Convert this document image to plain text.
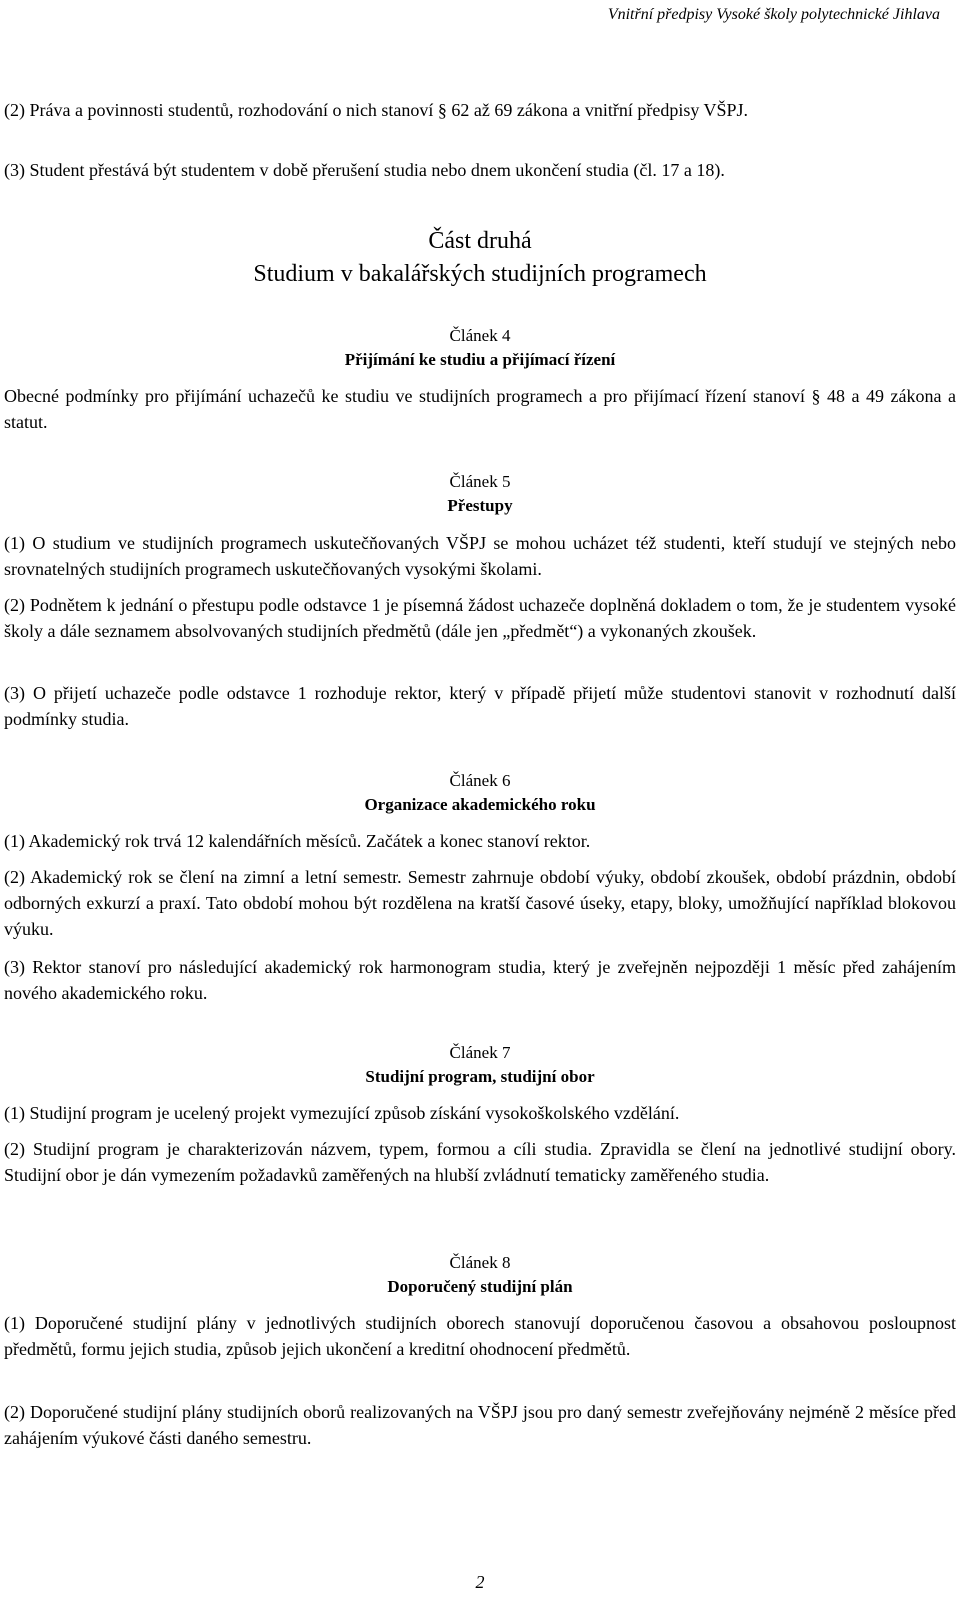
Vnitřní předpisy Vysoké školy polytechnické Jihlava

(2) Práva a povinnosti studentů, rozhodování o nich stanoví § 62 až 69 zákona a vnitřní předpisy VŠPJ.

(3) Student přestává být studentem v době přerušení studia nebo dnem ukončení studia (čl. 17 a 18).

Část druhá
Studium v bakalářských studijních programech
Článek 4
Přijímání ke studiu a přijímací řízení

Obecné podmínky pro přijímání uchazečů ke studiu ve studijních programech a pro přijímací řízení stanoví § 48 a 49 zákona a statut.

Článek 5
Přestupy

(1) O studium ve studijních programech uskutečňovaných VŠPJ se mohou ucházet též studenti, kteří studují ve stejných nebo srovnatelných studijních programech uskutečňovaných vysokými školami.

(2) Podnětem k jednání o přestupu podle odstavce 1 je písemná žádost uchazeče doplněná dokladem o tom, že je studentem vysoké školy a dále seznamem absolvovaných studijních předmětů (dále jen „předmět“) a vykonaných zkoušek.

(3) O přijetí uchazeče podle odstavce 1 rozhoduje rektor, který v případě přijetí může studentovi stanovit v rozhodnutí další podmínky studia.

Článek 6
Organizace akademického roku

(1) Akademický rok trvá 12 kalendářních měsíců. Začátek a konec stanoví rektor.

(2) Akademický rok se člení na zimní a letní semestr. Semestr zahrnuje období výuky, období zkoušek, období prázdnin, období odborných exkurzí a praxí. Tato období mohou být rozdělena na kratší časové úseky, etapy, bloky, umožňující například blokovou výuku.

(3) Rektor stanoví pro následující akademický rok harmonogram studia, který je zveřejněn nejpozději 1 měsíc před zahájením nového akademického roku.

Článek 7
Studijní program, studijní obor

(1) Studijní program je ucelený projekt vymezující způsob získání vysokoškolského vzdělání.

(2) Studijní program je charakterizován názvem, typem, formou a cíli studia. Zpravidla se člení na jednotlivé studijní obory. Studijní obor je dán vymezením požadavků zaměřených na hlubší zvládnutí tematicky zaměřeného studia.

Článek 8
Doporučený studijní plán

(1) Doporučené studijní plány v jednotlivých studijních oborech stanovují doporučenou časovou a obsahovou posloupnost předmětů, formu jejich studia, způsob jejich ukončení a kreditní ohodnocení předmětů.

(2) Doporučené studijní plány studijních oborů realizovaných na VŠPJ jsou pro daný semestr zveřejňovány nejméně 2 měsíce před zahájením výukové části daného semestru.

2
